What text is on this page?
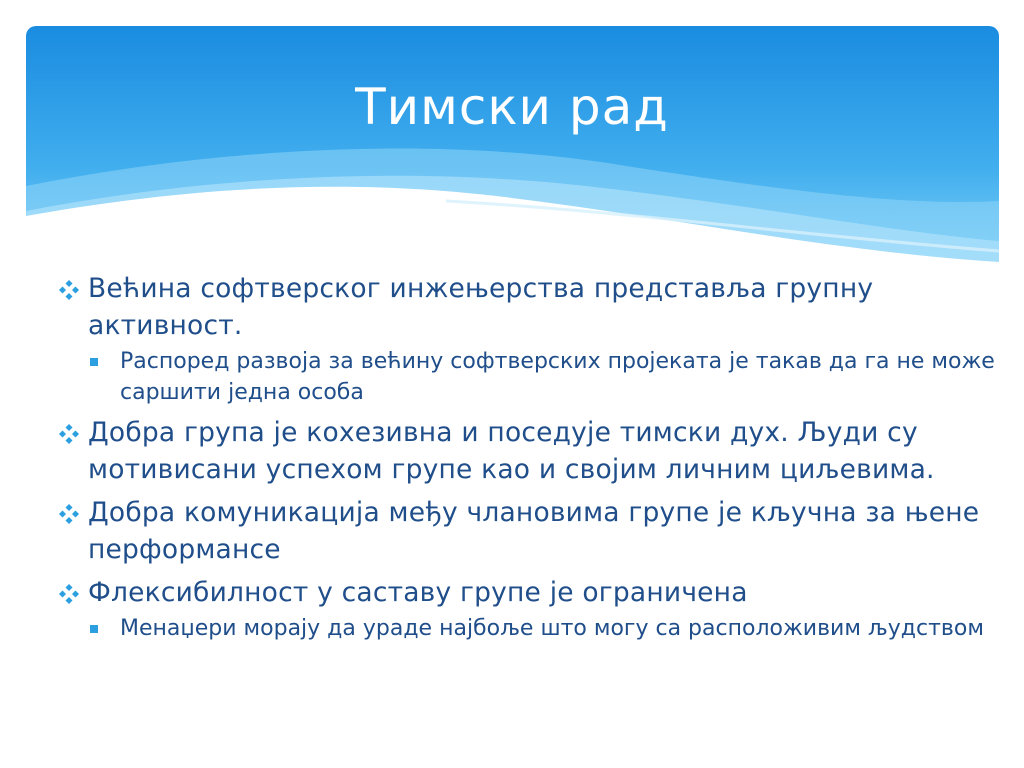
Тимски рад
Већина софтверског инжењерства представља групну активност.
Распоред развоја за већину софтверских пројеката је такав да га не може саршити једна особа
Добра група је кохезивна и поседује тимски дух. Људи су мотивисани успехом групе као и својим личним циљевима.
Добра комуникација међу члановима групе је кључна за њене перформансе
Флексибилност у саставу групе је ограничена
Менаџери морају да ураде најбоље што могу са расположивим људством
